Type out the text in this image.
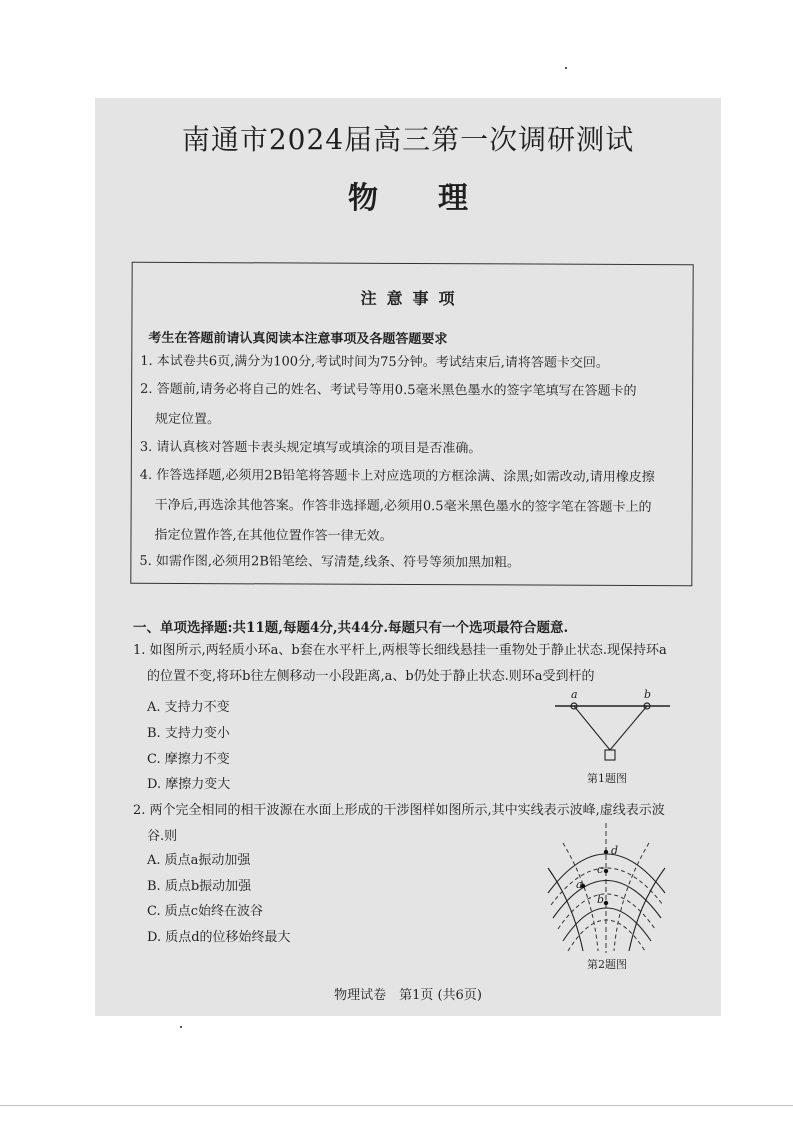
南通市2024届高三第一次调研测试
物理
注意事项
考生在答题前请认真阅读本注意事项及各题答题要求
1. 本试卷共6页,满分为100分,考试时间为75分钟。考试结束后,请将答题卡交回。
2. 答题前,请务必将自己的姓名、考试号等用0.5毫米黑色墨水的签字笔填写在答题卡的
规定位置。
3. 请认真核对答题卡表头规定填写或填涂的项目是否准确。
4. 作答选择题,必须用2B铅笔将答题卡上对应选项的方框涂满、涂黑;如需改动,请用橡皮擦
干净后,再选涂其他答案。作答非选择题,必须用0.5毫米黑色墨水的签字笔在答题卡上的
指定位置作答,在其他位置作答一律无效。
5. 如需作图,必须用2B铅笔绘、写清楚,线条、符号等须加黑加粗。
一、单项选择题:共11题,每题4分,共44分.每题只有一个选项最符合题意.
1. 如图所示,两轻质小环a、b套在水平杆上,两根等长细线悬挂一重物处于静止状态.现保持环a
的位置不变,将环b往左侧移动一小段距离,a、b仍处于静止状态.则环a受到杆的
A. 支持力不变
B. 支持力变小
C. 摩擦力不变
D. 摩擦力变大
a	b
第1题图
2. 两个完全相同的相干波源在水面上形成的干涉图样如图所示,其中实线表示波峰,虚线表示波
谷.则
A. 质点a振动加强
B. 质点b振动加强
C. 质点c始终在波谷
D. 质点d的位移始终最大
a
b
c
d
第2题图
物理试卷　第1页 (共6页)
